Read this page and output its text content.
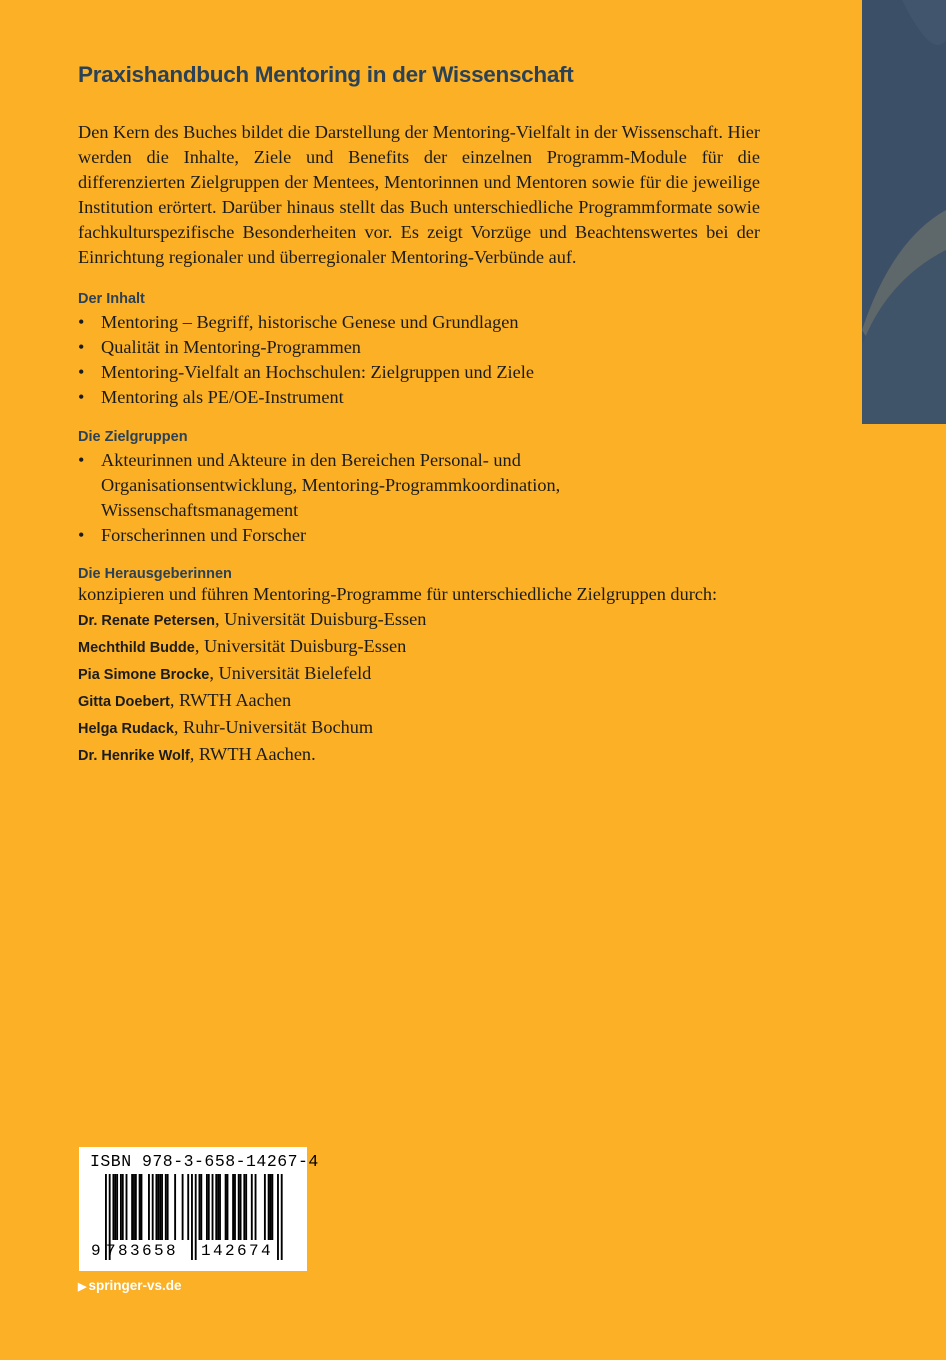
Praxishandbuch Mentoring in der Wissenschaft

Den Kern des Buches bildet die Darstellung der Mentoring-Vielfalt in der Wissenschaft. Hier werden die Inhalte, Ziele und Benefits der einzelnen Programm-Module für die differenzierten Zielgruppen der Mentees, Mentorinnen und Mentoren sowie für die jeweilige Institution erörtert. Darüber hinaus stellt das Buch unterschiedliche Programmformate sowie fachkulturspezifische Besonderheiten vor. Es zeigt Vorzüge und Beachtenswertes bei der Einrichtung regionaler und überregionaler Mentoring-Verbünde auf.

Der Inhalt
• Mentoring – Begriff, historische Genese und Grundlagen
• Qualität in Mentoring-Programmen
• Mentoring-Vielfalt an Hochschulen: Zielgruppen und Ziele
• Mentoring als PE/OE-Instrument
Die Zielgruppen
• Akteurinnen und Akteure in den Bereichen Personal- und Organisationsentwicklung, Mentoring-Programmkoordination, Wissenschaftsmanagement
• Forscherinnen und Forscher
Die Herausgeberinnen

konzipieren und führen Mentoring-Programme für unterschiedliche Zielgruppen durch:

Dr. Renate Petersen, Universität Duisburg-Essen
Mechthild Budde, Universität Duisburg-Essen
Pia Simone Brocke, Universität Bielefeld
Gitta Doebert, RWTH Aachen
Helga Rudack, Ruhr-Universität Bochum
Dr. Henrike Wolf, RWTH Aachen.
ISBN 978-3-658-14267-4
9 783658 142674
▶ springer-vs.de
